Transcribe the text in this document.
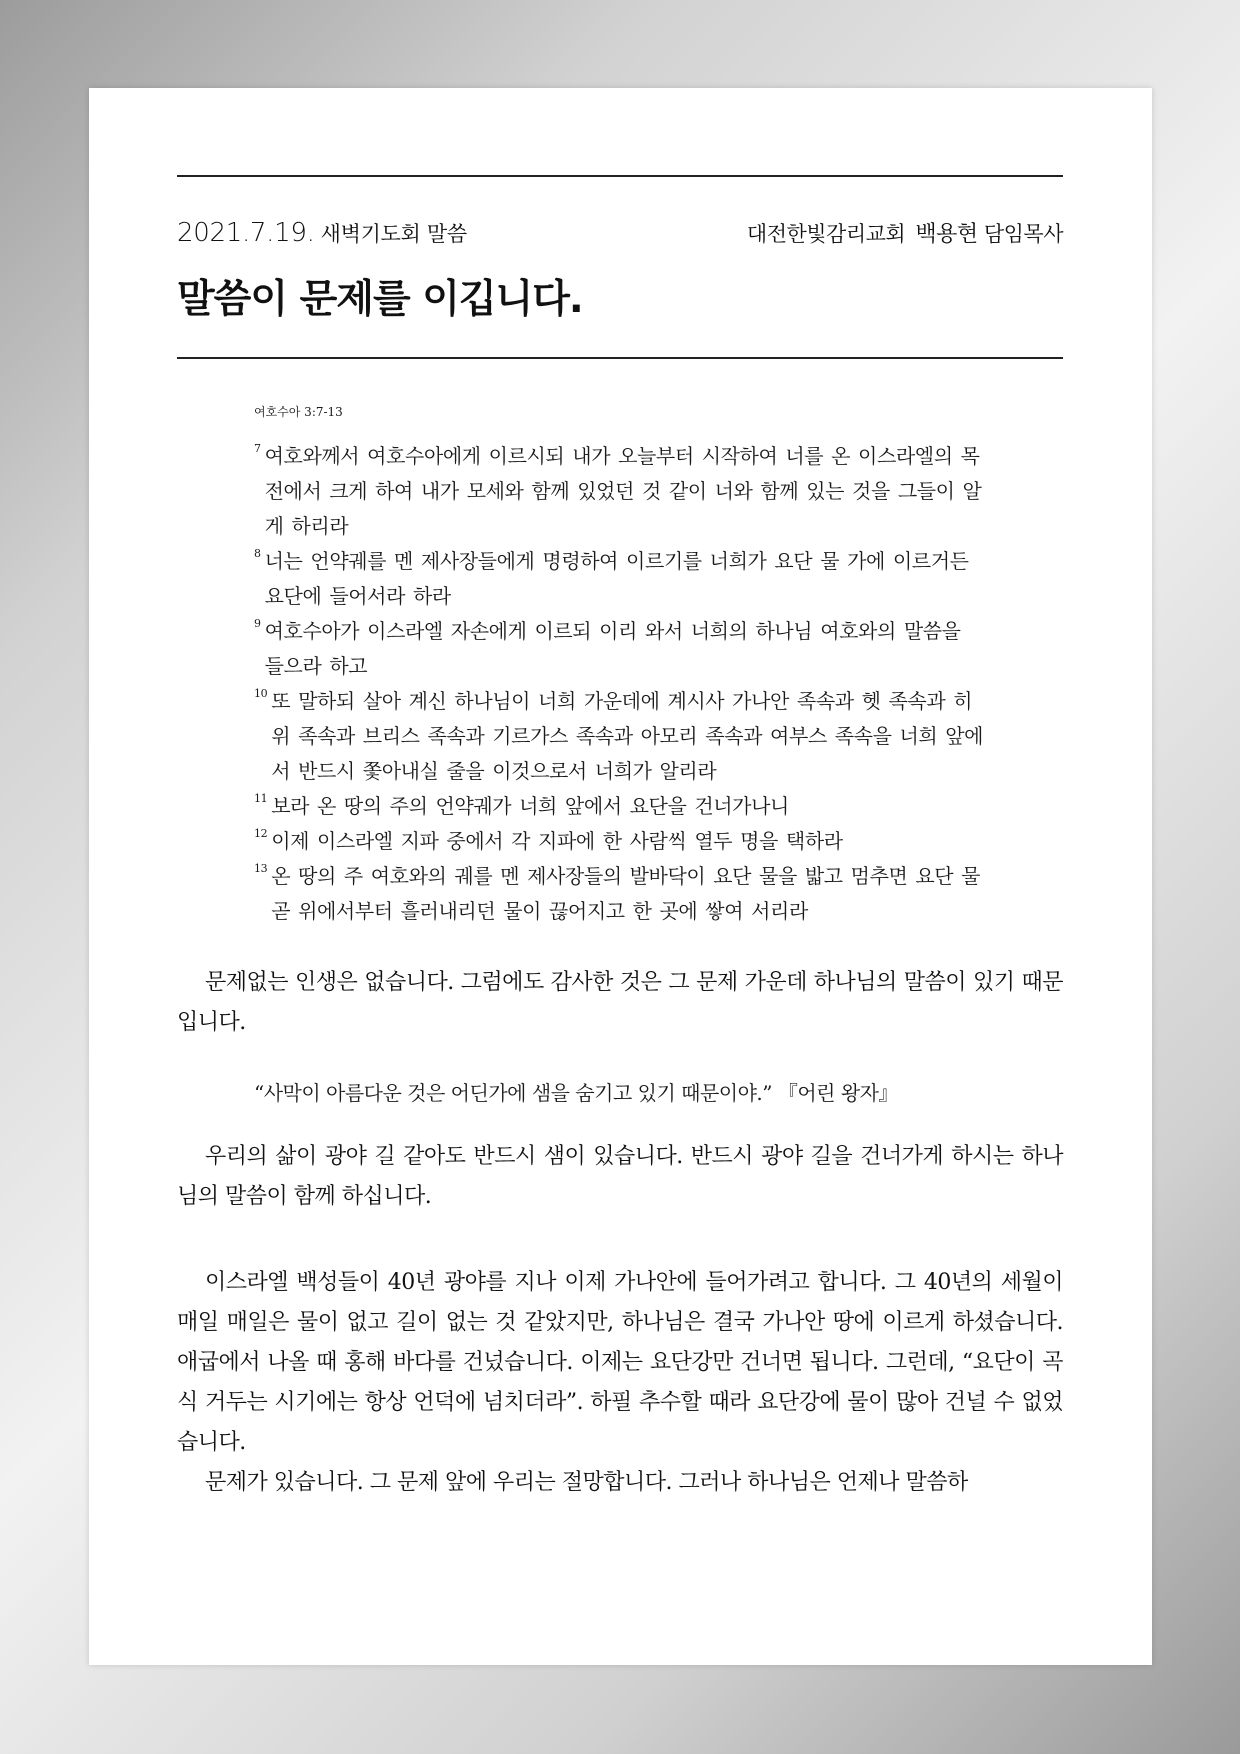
2021.7.19. 새벽기도회 말씀	대전한빛감리교회 백용현 담임목사
말씀이 문제를 이깁니다.
여호수아 3:7-13
7 여호와께서 여호수아에게 이르시되 내가 오늘부터 시작하여 너를 온 이스라엘의 목전에서 크게 하여 내가 모세와 함께 있었던 것 같이 너와 함께 있는 것을 그들이 알게 하리라
8 너는 언약궤를 멘 제사장들에게 명령하여 이르기를 너희가 요단 물 가에 이르거든 요단에 들어서라 하라
9 여호수아가 이스라엘 자손에게 이르되 이리 와서 너희의 하나님 여호와의 말씀을 들으라 하고
10 또 말하되 살아 계신 하나님이 너희 가운데에 계시사 가나안 족속과 헷 족속과 히위 족속과 브리스 족속과 기르가스 족속과 아모리 족속과 여부스 족속을 너희 앞에서 반드시 쫓아내실 줄을 이것으로서 너희가 알리라
11 보라 온 땅의 주의 언약궤가 너희 앞에서 요단을 건너가나니
12 이제 이스라엘 지파 중에서 각 지파에 한 사람씩 열두 명을 택하라
13 온 땅의 주 여호와의 궤를 멘 제사장들의 발바닥이 요단 물을 밟고 멈추면 요단 물 곧 위에서부터 흘러내리던 물이 끊어지고 한 곳에 쌓여 서리라

문제없는 인생은 없습니다. 그럼에도 감사한 것은 그 문제 가운데 하나님의 말씀이 있기 때문입니다.

“사막이 아름다운 것은 어딘가에 샘을 숨기고 있기 때문이야.” 『어린 왕자』

우리의 삶이 광야 길 같아도 반드시 샘이 있습니다. 반드시 광야 길을 건너가게 하시는 하나님의 말씀이 함께 하십니다.

이스라엘 백성들이 40년 광야를 지나 이제 가나안에 들어가려고 합니다. 그 40년의 세월이 매일 매일은 물이 없고 길이 없는 것 같았지만, 하나님은 결국 가나안 땅에 이르게 하셨습니다. 애굽에서 나올 때 홍해 바다를 건넜습니다. 이제는 요단강만 건너면 됩니다. 그런데, “요단이 곡식 거두는 시기에는 항상 언덕에 넘치더라”. 하필 추수할 때라 요단강에 물이 많아 건널 수 없었습니다.

문제가 있습니다. 그 문제 앞에 우리는 절망합니다. 그러나 하나님은 언제나 말씀하
